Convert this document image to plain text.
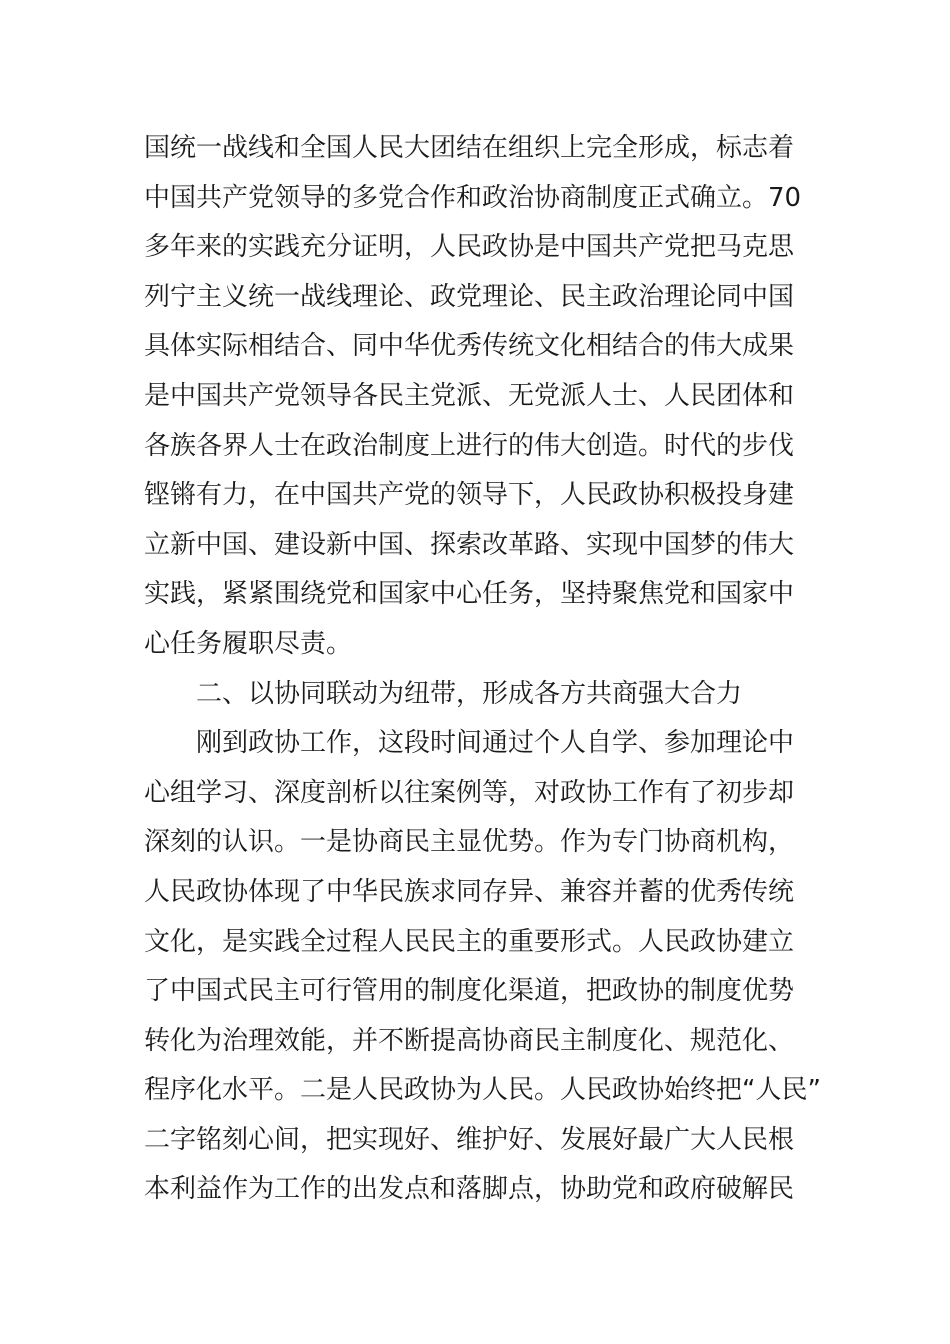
国统一战线和全国人民大团结在组织上完全形成，标志着
中国共产党领导的多党合作和政治协商制度正式确立。70
多年来的实践充分证明，人民政协是中国共产党把马克思
列宁主义统一战线理论、政党理论、民主政治理论同中国
具体实际相结合、同中华优秀传统文化相结合的伟大成果
是中国共产党领导各民主党派、无党派人士、人民团体和
各族各界人士在政治制度上进行的伟大创造。时代的步伐
铿锵有力，在中国共产党的领导下，人民政协积极投身建
立新中国、建设新中国、探索改革路、实现中国梦的伟大
实践，紧紧围绕党和国家中心任务，坚持聚焦党和国家中
心任务履职尽责。
二、以协同联动为纽带，形成各方共商强大合力
刚到政协工作，这段时间通过个人自学、参加理论中
心组学习、深度剖析以往案例等，对政协工作有了初步却
深刻的认识。一是协商民主显优势。作为专门协商机构，
人民政协体现了中华民族求同存异、兼容并蓄的优秀传统
文化，是实践全过程人民民主的重要形式。人民政协建立
了中国式民主可行管用的制度化渠道，把政协的制度优势
转化为治理效能，并不断提高协商民主制度化、规范化、
程序化水平。二是人民政协为人民。人民政协始终把“人民”
二字铭刻心间，把实现好、维护好、发展好最广大人民根
本利益作为工作的出发点和落脚点，协助党和政府破解民
